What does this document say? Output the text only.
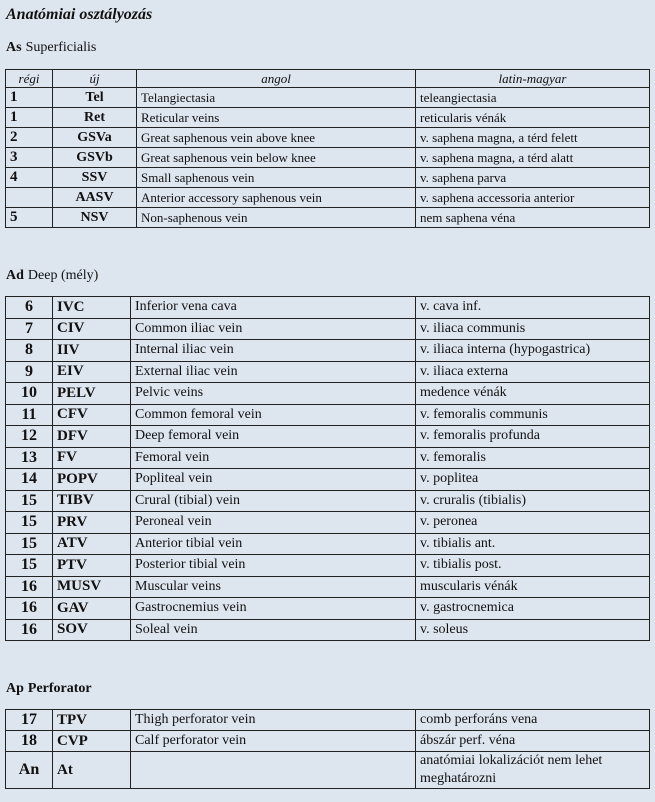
Anatómiai osztályozás
As Superficialis
régi	új	angol	latin-magyar
1	Tel	Telangiectasia	teleangiectasia
1	Ret	Reticular veins	reticularis vénák
2	GSVa	Great saphenous vein above knee	v. saphena magna, a térd felett
3	GSVb	Great saphenous vein below knee	v. saphena magna, a térd alatt
4	SSV	Small saphenous vein	v. saphena parva
	AASV	Anterior accessory saphenous vein	v. saphena accessoria anterior
5	NSV	Non-saphenous vein	nem saphena véna
Ad Deep (mély)
6	IVC	Inferior vena cava	v. cava inf.
7	CIV	Common iliac vein	v. iliaca communis
8	IIV	Internal iliac vein	v. iliaca interna (hypogastrica)
9	EIV	External iliac vein	v. iliaca externa
10	PELV	Pelvic veins	medence vénák
11	CFV	Common femoral vein	v. femoralis communis
12	DFV	Deep femoral vein	v. femoralis profunda
13	FV	Femoral vein	v. femoralis
14	POPV	Popliteal vein	v. poplitea
15	TIBV	Crural (tibial) vein	v. cruralis (tibialis)
15	PRV	Peroneal vein	v. peronea
15	ATV	Anterior tibial vein	v. tibialis ant.
15	PTV	Posterior tibial vein	v. tibialis post.
16	MUSV	Muscular veins	muscularis vénák
16	GAV	Gastrocnemius vein	v. gastrocnemica
16	SOV	Soleal vein	v. soleus
Ap Perforator
17	TPV	Thigh perforator vein	comb perforáns vena
18	CVP	Calf perforator vein	ábszár perf. véna
An	At		anatómiai lokalizációt nem lehet meghatározni
